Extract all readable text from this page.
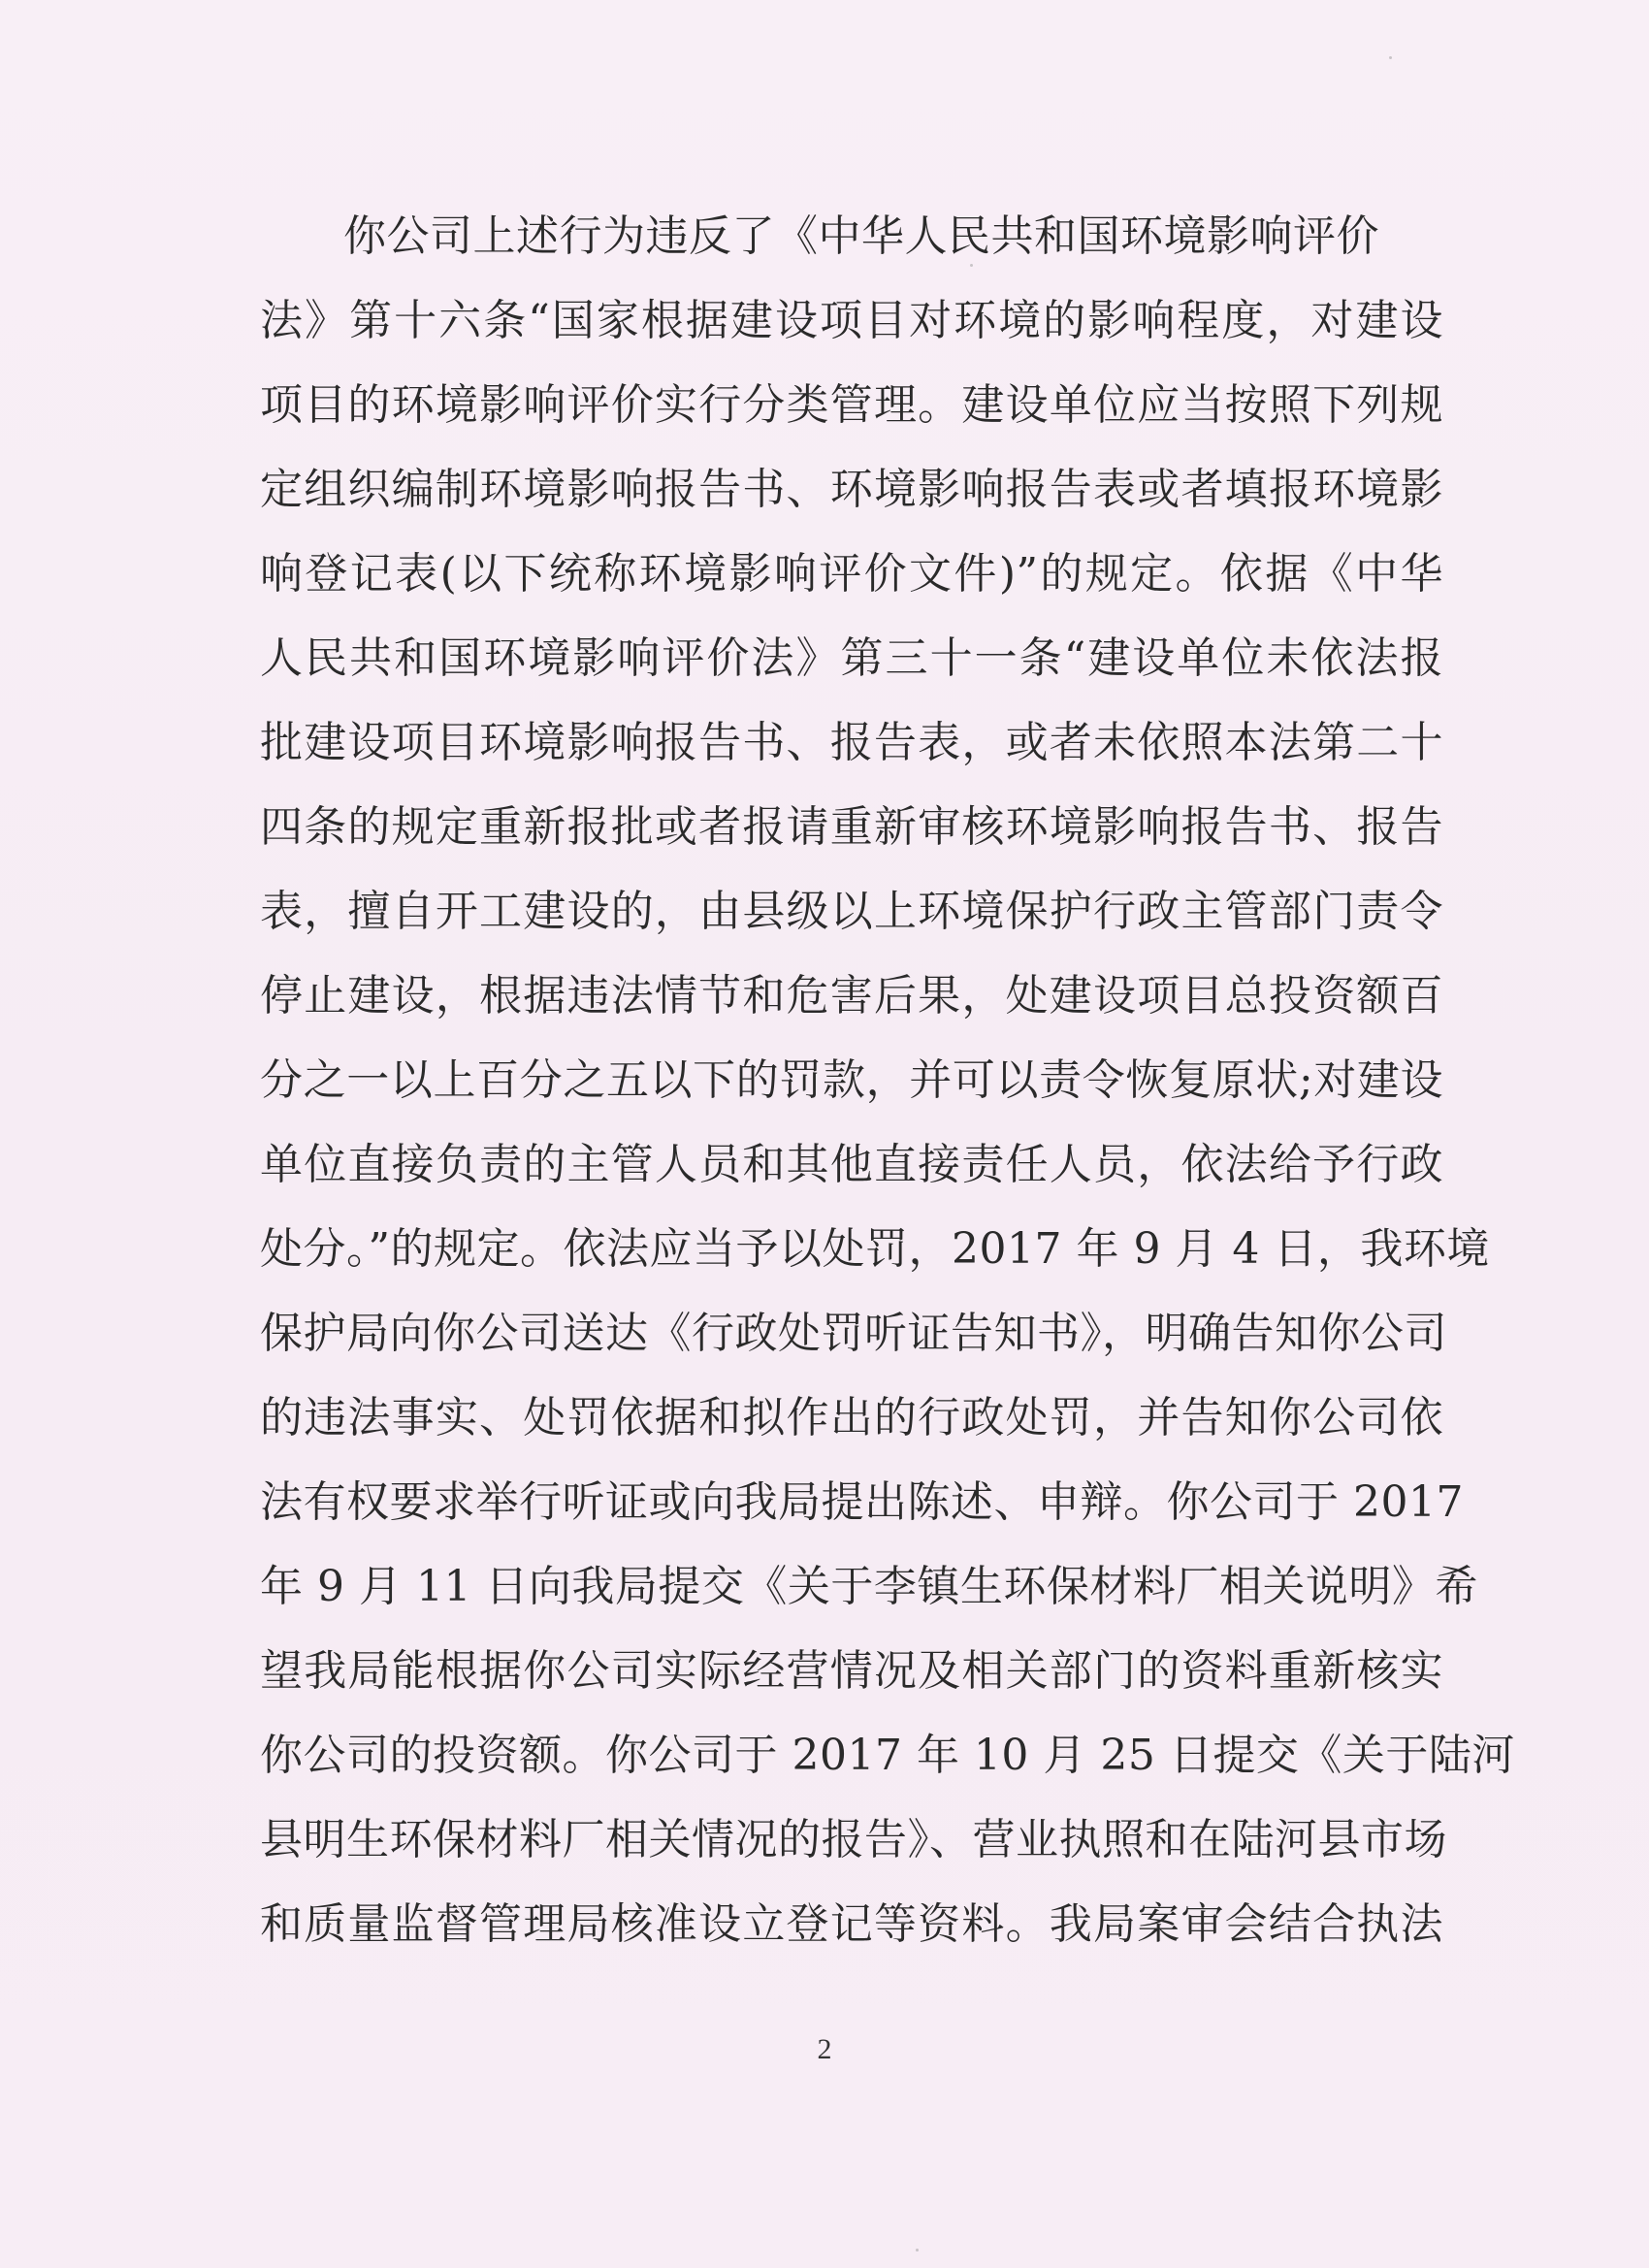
你公司上述行为违反了《中华人民共和国环境影响评价
法》第十六条“国家根据建设项目对环境的影响程度，对建设
项目的环境影响评价实行分类管理。建设单位应当按照下列规
定组织编制环境影响报告书、环境影响报告表或者填报环境影
响登记表(以下统称环境影响评价文件)”的规定。依据《中华
人民共和国环境影响评价法》第三十一条“建设单位未依法报
批建设项目环境影响报告书、报告表，或者未依照本法第二十
四条的规定重新报批或者报请重新审核环境影响报告书、报告
表，擅自开工建设的，由县级以上环境保护行政主管部门责令
停止建设，根据违法情节和危害后果，处建设项目总投资额百
分之一以上百分之五以下的罚款，并可以责令恢复原状;对建设
单位直接负责的主管人员和其他直接责任人员，依法给予行政
处分。”的规定。依法应当予以处罚，2017 年 9 月 4 日，我环境
保护局向你公司送达《行政处罚听证告知书》，明确告知你公司
的违法事实、处罚依据和拟作出的行政处罚，并告知你公司依
法有权要求举行听证或向我局提出陈述、申辩。你公司于 2017
年 9 月 11 日向我局提交《关于李镇生环保材料厂相关说明》希
望我局能根据你公司实际经营情况及相关部门的资料重新核实
你公司的投资额。你公司于 2017 年 10 月 25 日提交《关于陆河
县明生环保材料厂相关情况的报告》、营业执照和在陆河县市场
和质量监督管理局核准设立登记等资料。我局案审会结合执法
2
